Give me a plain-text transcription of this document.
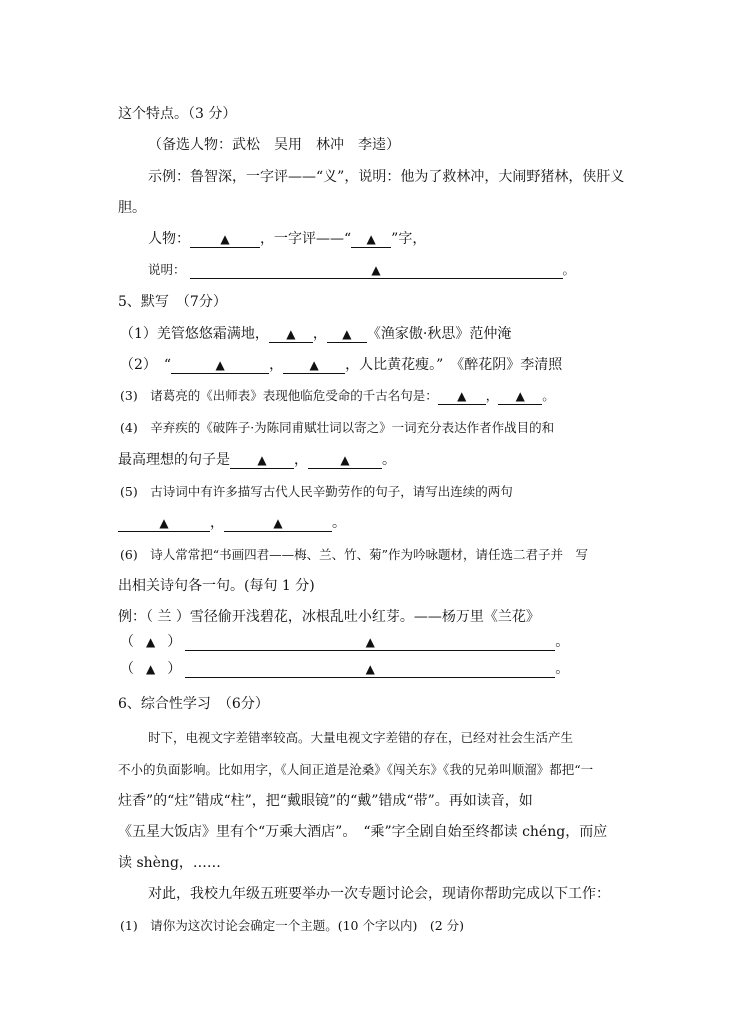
这个特点。（3 分）
（备选人物：武松　吴用　林冲　李逵）
示例：鲁智深，一字评——“义”，说明：他为了救林冲，大闹野猪林，侠肝义
胆。
人物：	▲ ，一字评——“ ▲ ”字，
说明：	▲	。
5、默写　（7分）
（1）羌管悠悠霜满地， ▲ ， ▲ 《渔家傲·秋思》范仲淹
（2）　“	▲	， ▲ ，人比黄花瘦。”　《醉花阴》李清照
(3)　诸葛亮的《出师表》表现他临危受命的千古名句是： ▲ ， ▲ 。
(4)　辛弃疾的《破阵子·为陈同甫赋壮词以寄之》一词充分表达作者作战目的和
最高理想的句子是 ▲ ，	▲ 。
(5)　古诗词中有许多描写古代人民辛勤劳作的句子，请写出连续的两句
▲	，	▲	。
(6)　诗人常常把“书画四君——梅、兰、竹、菊”作为吟咏题材，请任选二君子并　写
出相关诗句各一句。(每句 1 分)
例：（ 兰 ）雪径偷开浅碧花，冰根乱吐小红芽。——杨万里《兰花》
（ ▲ ）	▲	。
（ ▲ ）	▲	。
6、综合性学习　（6分）
时下，电视文字差错率较高。大量电视文字差错的存在，已经对社会生活产生
不小的负面影响。比如用字，《人间正道是沧桑》《闯关东》《我的兄弟叫顺溜》都把“一
炷香”的“炷”错成“柱”，把“戴眼镜”的“戴”错成“带”。再如读音，如
《五星大饭店》里有个“万乘大酒店”。　“乘”字全剧自始至终都读 chéng，而应
读 shèng，……
对此，我校九年级五班要举办一次专题讨论会，现请你帮助完成以下工作：
(1)　请你为这次讨论会确定一个主题。(10 个字以内)　(2 分)
